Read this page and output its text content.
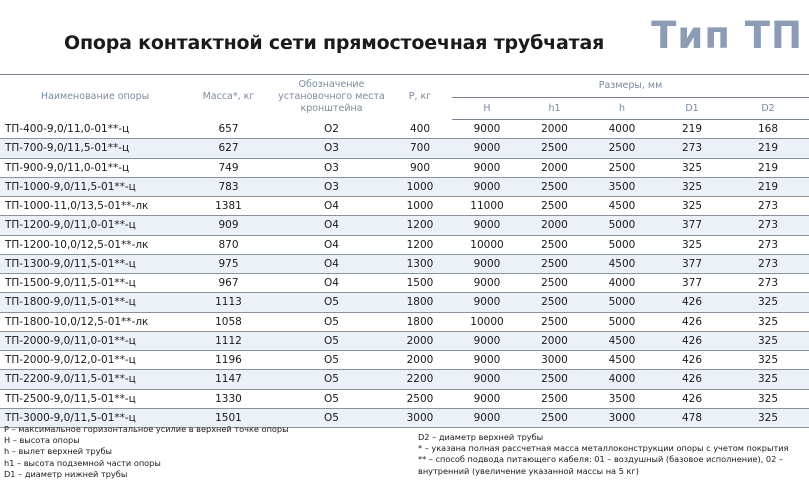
Опора контактной сети прямостоечная трубчатая Тип ТП
Наименование опоры	Масса*, кг	Обозначение установочного места кронштейна	P, кг	Размеры, мм				
				H	h1	h	D1	D2
ТП-400-9,0/11,0-01**-ц	657	О2	400	9000	2000	4000	219	168
ТП-700-9,0/11,5-01**-ц	627	О3	700	9000	2500	2500	273	219
ТП-900-9,0/11,0-01**-ц	749	О3	900	9000	2000	2500	325	219
ТП-1000-9,0/11,5-01**-ц	783	О3	1000	9000	2500	3500	325	219
ТП-1000-11,0/13,5-01**-лк	1381	О4	1000	11000	2500	4500	325	273
ТП-1200-9,0/11,0-01**-ц	909	О4	1200	9000	2000	5000	377	273
ТП-1200-10,0/12,5-01**-лк	870	О4	1200	10000	2500	5000	325	273
ТП-1300-9,0/11,5-01**-ц	975	О4	1300	9000	2500	4500	377	273
ТП-1500-9,0/11,5-01**-ц	967	О4	1500	9000	2500	4000	377	273
ТП-1800-9,0/11,5-01**-ц	1113	О5	1800	9000	2500	5000	426	325
ТП-1800-10,0/12,5-01**-лк	1058	О5	1800	10000	2500	5000	426	325
ТП-2000-9,0/11,0-01**-ц	1112	О5	2000	9000	2000	4500	426	325
ТП-2000-9,0/12,0-01**-ц	1196	О5	2000	9000	3000	4500	426	325
ТП-2200-9,0/11,5-01**-ц	1147	О5	2200	9000	2500	4000	426	325
ТП-2500-9,0/11,5-01**-ц	1330	О5	2500	9000	2500	3500	426	325
ТП-3000-9,0/11,5-01**-ц	1501	О5	3000	9000	2500	3000	478	325
P – максимальное горизонтальное усилие в верхней точке опоры
H – высота опоры
h – вылет верхней трубы
h1 – высота подземной части опоры
D1 – диаметр нижней трубы
D2 – диаметр верхней трубы
* – указана полная рассчетная масса металлоконструкции опоры с учетом покрытия
** – способ подвода питающего кабеля: 01 – воздушный (базовое исполнение), 02 –
внутренний (увеличение указанной массы на 5 кг)
